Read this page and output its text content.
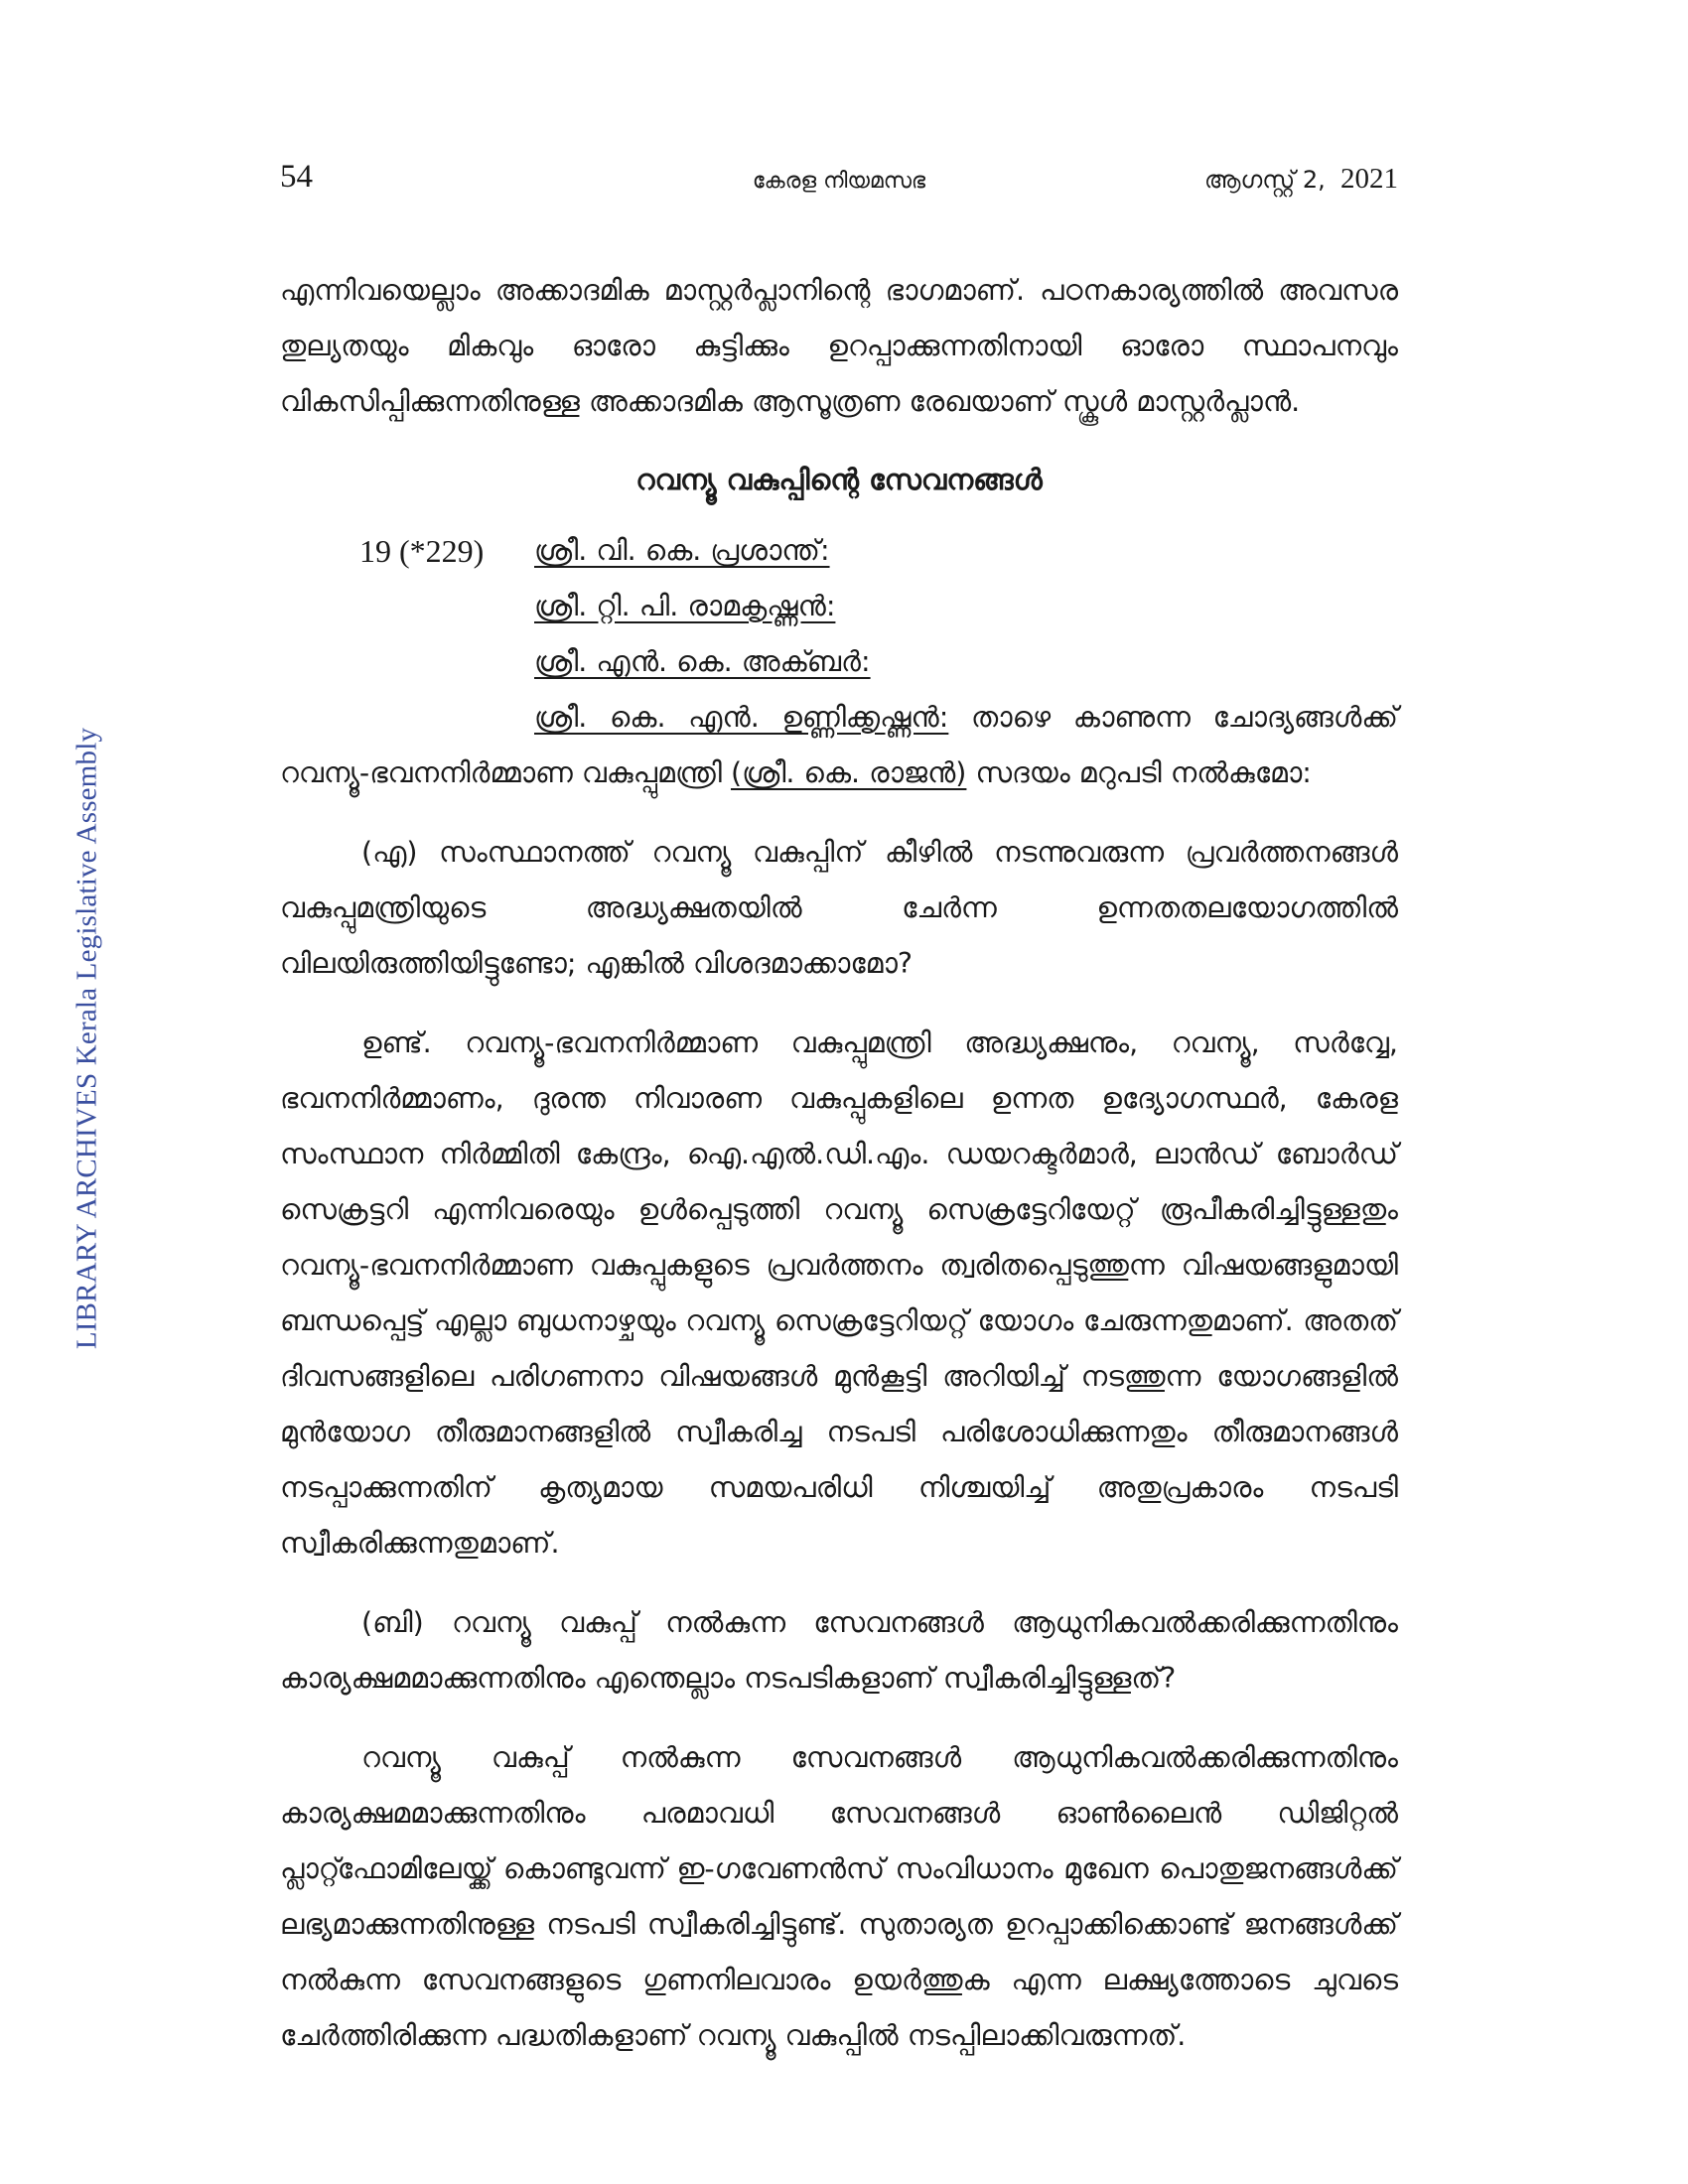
LIBRARY ARCHIVES Kerala Legislative Assembly
54	കേരള നിയമസഭ	ആഗസ്റ്റ് 2, 2021

എന്നിവയെല്ലാം അക്കാദമിക മാസ്റ്റർപ്ലാനിന്റെ ഭാഗമാണ്. പഠനകാര്യത്തിൽ അവസര തുല്യതയും മികവും ഓരോ കുട്ടിക്കും ഉറപ്പാക്കുന്നതിനായി ഓരോ സ്ഥാപനവും വികസിപ്പിക്കുന്നതിനുള്ള അക്കാദമിക ആസൂത്രണ രേഖയാണ് സ്കൂൾ മാസ്റ്റർപ്ലാൻ.

റവന്യൂ വകുപ്പിന്റെ സേവനങ്ങൾ
19 (*229) ശ്രീ. വി. കെ. പ്രശാന്ത്:
ശ്രീ. റ്റി. പി. രാമകൃഷ്ണൻ:
ശ്രീ. എൻ. കെ. അക്ബർ:

ശ്രീ. കെ. എൻ. ഉണ്ണിക്കൃഷ്ണൻ: താഴെ കാണുന്ന ചോദ്യങ്ങൾക്ക് റവന്യൂ-ഭവനനിർമ്മാണ വകുപ്പുമന്ത്രി (ശ്രീ. കെ. രാജൻ) സദയം മറുപടി നൽകുമോ:

(എ) സംസ്ഥാനത്ത് റവന്യൂ വകുപ്പിന് കീഴിൽ നടന്നുവരുന്ന പ്രവർത്തനങ്ങൾ വകുപ്പുമന്ത്രിയുടെ അദ്ധ്യക്ഷതയിൽ ചേർന്ന ഉന്നതതലയോഗത്തിൽ വിലയിരുത്തിയിട്ടുണ്ടോ; എങ്കിൽ വിശദമാക്കാമോ?

ഉണ്ട്. റവന്യൂ-ഭവനനിർമ്മാണ വകുപ്പുമന്ത്രി അദ്ധ്യക്ഷനും, റവന്യൂ, സർവ്വേ, ഭവനനിർമ്മാണം, ദുരന്ത നിവാരണ വകുപ്പുകളിലെ ഉന്നത ഉദ്യോഗസ്ഥർ, കേരള സംസ്ഥാന നിർമ്മിതി കേന്ദ്രം, ഐ.എൽ.ഡി.എം. ഡയറക്ടർമാർ, ലാൻഡ് ബോർഡ് സെക്രട്ടറി എന്നിവരെയും ഉൾപ്പെടുത്തി റവന്യൂ സെക്രട്ടേറിയേറ്റ് രൂപീകരിച്ചിട്ടുള്ളതും റവന്യൂ-ഭവനനിർമ്മാണ വകുപ്പുകളുടെ പ്രവർത്തനം ത്വരിതപ്പെടുത്തുന്ന വിഷയങ്ങളുമായി ബന്ധപ്പെട്ട് എല്ലാ ബുധനാഴ്ചയും റവന്യൂ സെക്രട്ടേറിയറ്റ് യോഗം ചേരുന്നതുമാണ്. അതത് ദിവസങ്ങളിലെ പരിഗണനാ വിഷയങ്ങൾ മുൻകൂട്ടി അറിയിച്ച് നടത്തുന്ന യോഗങ്ങളിൽ മുൻയോഗ തീരുമാനങ്ങളിൽ സ്വീകരിച്ച നടപടി പരിശോധിക്കുന്നതും തീരുമാനങ്ങൾ നടപ്പാക്കുന്നതിന് കൃത്യമായ സമയപരിധി നിശ്ചയിച്ച് അതുപ്രകാരം നടപടി സ്വീകരിക്കുന്നതുമാണ്.

(ബി) റവന്യൂ വകുപ്പ് നൽകുന്ന സേവനങ്ങൾ ആധുനികവൽക്കരിക്കുന്നതിനും കാര്യക്ഷമമാക്കുന്നതിനും എന്തെല്ലാം നടപടികളാണ് സ്വീകരിച്ചിട്ടുള്ളത്?

റവന്യൂ വകുപ്പ് നൽകുന്ന സേവനങ്ങൾ ആധുനികവൽക്കരിക്കുന്നതിനും കാര്യക്ഷമമാക്കുന്നതിനും പരമാവധി സേവനങ്ങൾ ഓൺലൈൻ ഡിജിറ്റൽ പ്ലാറ്റ്ഫോമിലേയ്ക്ക് കൊണ്ടുവന്ന് ഇ-ഗവേണൻസ് സംവിധാനം മുഖേന പൊതുജനങ്ങൾക്ക് ലഭ്യമാക്കുന്നതിനുള്ള നടപടി സ്വീകരിച്ചിട്ടുണ്ട്. സുതാര്യത ഉറപ്പാക്കിക്കൊണ്ട് ജനങ്ങൾക്ക് നൽകുന്ന സേവനങ്ങളുടെ ഗുണനിലവാരം ഉയർത്തുക എന്ന ലക്ഷ്യത്തോടെ ചുവടെ ചേർത്തിരിക്കുന്ന പദ്ധതികളാണ് റവന്യൂ വകുപ്പിൽ നടപ്പിലാക്കിവരുന്നത്.
